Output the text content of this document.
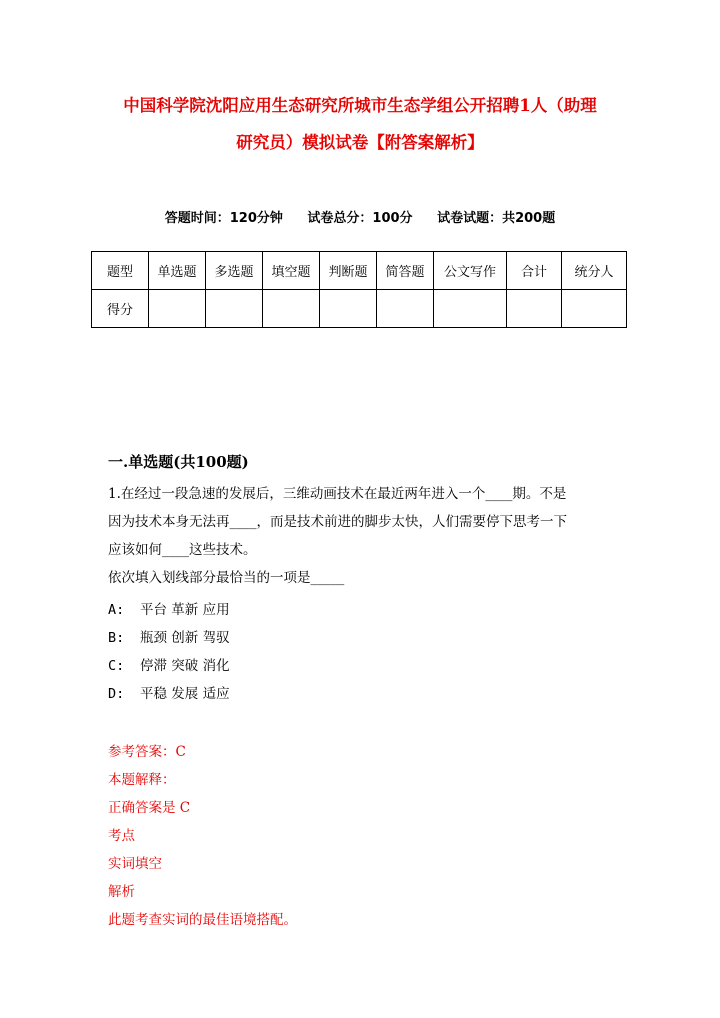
中国科学院沈阳应用生态研究所城市生态学组公开招聘1人（助理
研究员）模拟试卷【附答案解析】
答题时间：120分钟 试卷总分：100分 试卷试题：共200题
题型	单选题	多选题	填空题	判断题	简答题	公文写作	合计	统分人
得分								
一.单选题(共100题)
1.在经过一段急速的发展后，三维动画技术在最近两年进入一个____期。不是
因为技术本身无法再____，而是技术前进的脚步太快，人们需要停下思考一下
应该如何____这些技术。
依次填入划线部分最恰当的一项是_____
A: 平台 革新 应用
B: 瓶颈 创新 驾驭
C: 停滞 突破 消化
D: 平稳 发展 适应
参考答案：C
本题解释：
正确答案是 C
考点
实词填空
解析
此题考查实词的最佳语境搭配。
